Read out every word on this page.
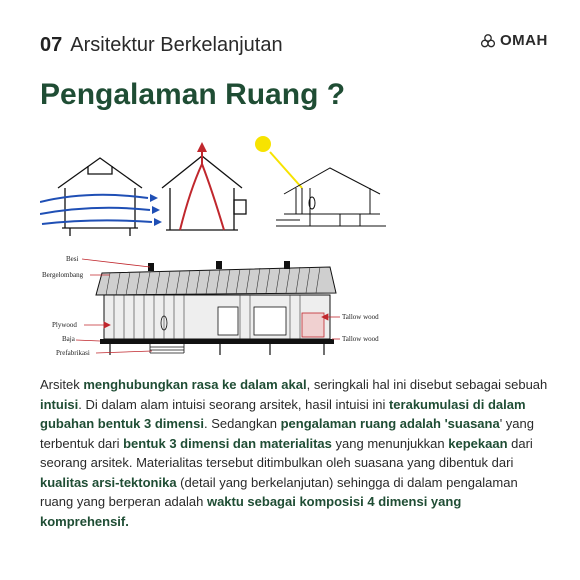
07 Arsitektur Berkelanjutan	OMAH
Pengalaman Ruang ?
Besi
Bergelombang
Plywood
Baja
Prefabrikasi
Tallow wood
Tallow wood
Arsitek menghubungkan rasa ke dalam akal, seringkali hal ini disebut sebagai sebuah intuisi. Di dalam alam intuisi seorang arsitek, hasil intuisi ini terakumulasi di dalam gubahan bentuk 3 dimensi. Sedangkan pengalaman ruang adalah 'suasana' yang terbentuk dari bentuk 3 dimensi dan materialitas yang menunjukkan kepekaan dari seorang arsitek. Materialitas tersebut ditimbulkan oleh suasana yang dibentuk dari kualitas arsi-tektonika (detail yang berkelanjutan) sehingga di dalam pengalaman ruang yang berperan adalah waktu sebagai komposisi 4 dimensi yang komprehensif.
